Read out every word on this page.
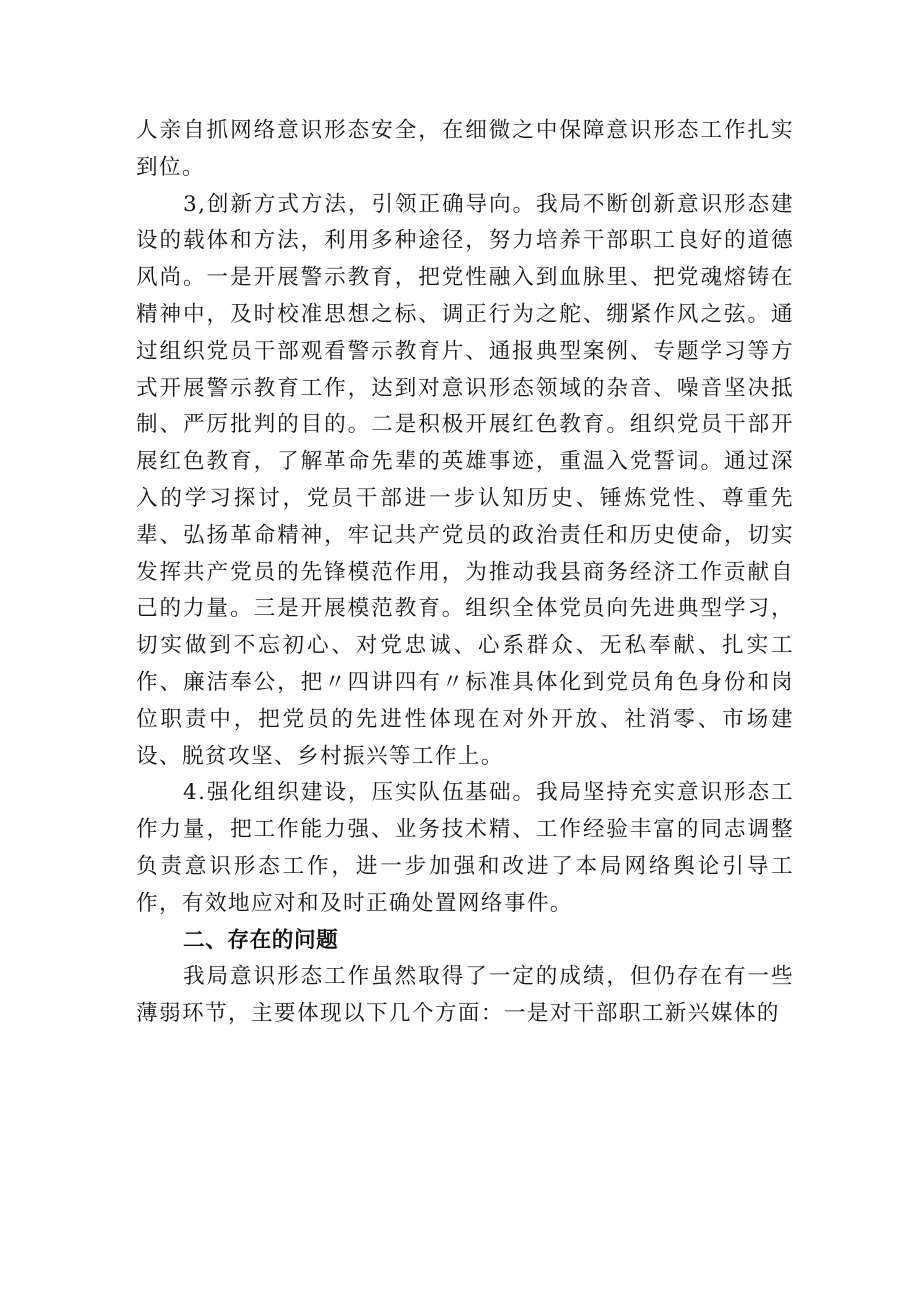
人亲自抓网络意识形态安全，在细微之中保障意识形态工作扎实到位。

3,创新方式方法，引领正确导向。我局不断创新意识形态建设的载体和方法，利用多种途径，努力培养干部职工良好的道德风尚。一是开展警示教育，把党性融入到血脉里、把党魂熔铸在精神中，及时校准思想之标、调正行为之舵、绷紧作风之弦。通过组织党员干部观看警示教育片、通报典型案例、专题学习等方式开展警示教育工作，达到对意识形态领域的杂音、噪音坚决抵制、严厉批判的目的。二是积极开展红色教育。组织党员干部开展红色教育，了解革命先辈的英雄事迹，重温入党誓词。通过深入的学习探讨，党员干部进一步认知历史、锤炼党性、尊重先辈、弘扬革命精神，牢记共产党员的政治责任和历史使命，切实发挥共产党员的先锋模范作用，为推动我县商务经济工作贡献自己的力量。三是开展模范教育。组织全体党员向先进典型学习，切实做到不忘初心、对党忠诚、心系群众、无私奉献、扎实工作、廉洁奉公，把〃四讲四有〃标准具体化到党员角色身份和岗位职责中，把党员的先进性体现在对外开放、社消零、市场建设、脱贫攻坚、乡村振兴等工作上。

4.强化组织建设，压实队伍基础。我局坚持充实意识形态工作力量，把工作能力强、业务技术精、工作经验丰富的同志调整负责意识形态工作，进一步加强和改进了本局网络舆论引导工作，有效地应对和及时正确处置网络事件。

二、存在的问题

我局意识形态工作虽然取得了一定的成绩，但仍存在有一些薄弱环节，主要体现以下几个方面：一是对干部职工新兴媒体的
